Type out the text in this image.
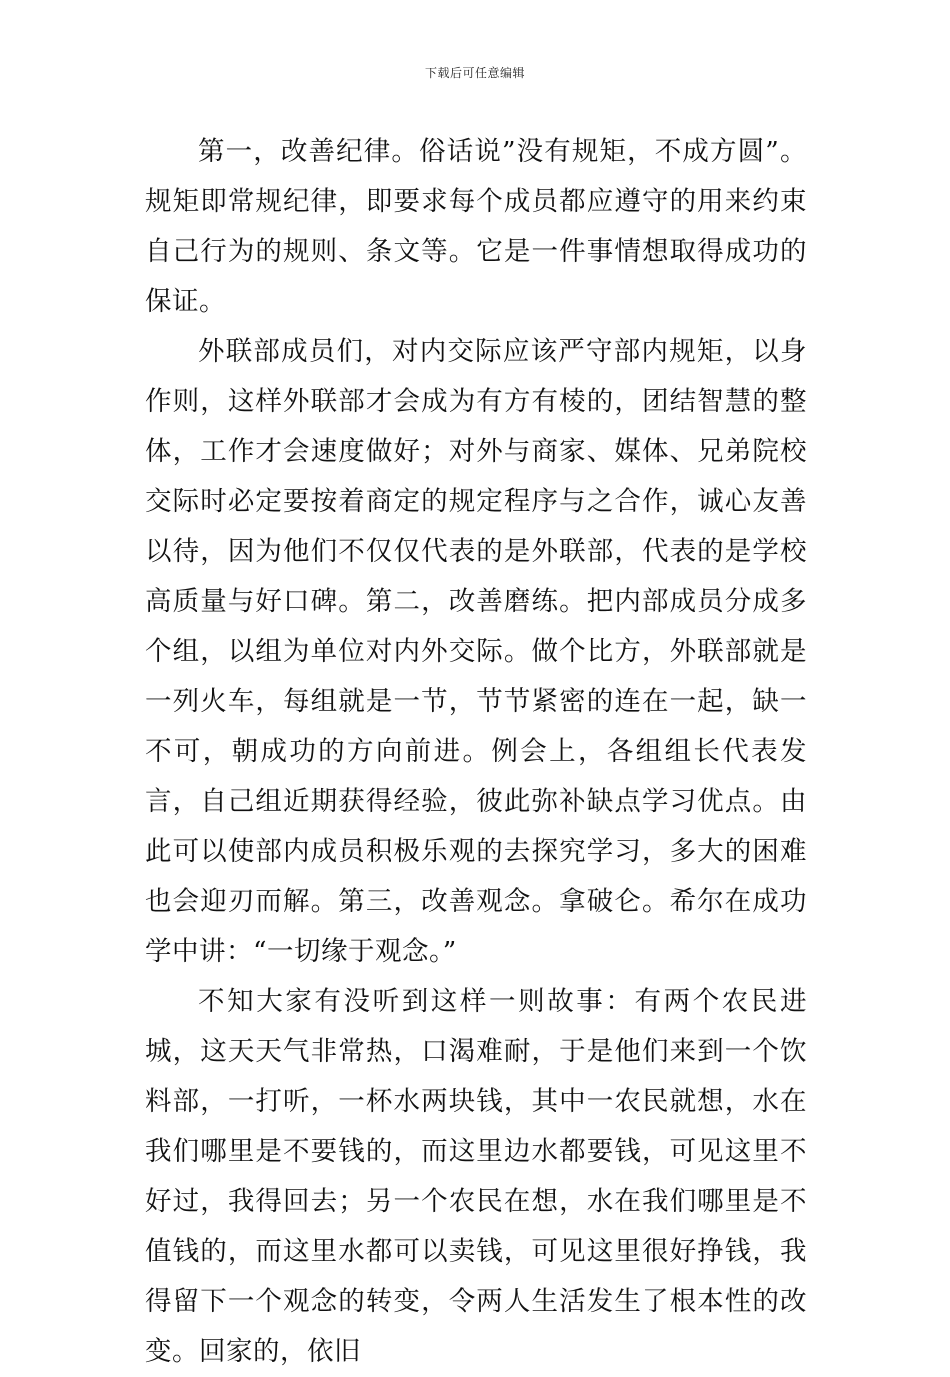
下载后可任意编辑

第一，改善纪律。俗话说”没有规矩，不成方圆”。规矩即常规纪律，即要求每个成员都应遵守的用来约束自己行为的规则、条文等。它是一件事情想取得成功的保证。

外联部成员们，对内交际应该严守部内规矩，以身作则，这样外联部才会成为有方有棱的，团结智慧的整体，工作才会速度做好；对外与商家、媒体、兄弟院校交际时必定要按着商定的规定程序与之合作，诚心友善以待，因为他们不仅仅代表的是外联部，代表的是学校高质量与好口碑。第二，改善磨练。把内部成员分成多个组，以组为单位对内外交际。做个比方，外联部就是一列火车，每组就是一节，节节紧密的连在一起，缺一不可，朝成功的方向前进。例会上，各组组长代表发言，自己组近期获得经验，彼此弥补缺点学习优点。由此可以使部内成员积极乐观的去探究学习，多大的困难也会迎刃而解。第三，改善观念。拿破仑。希尔在成功学中讲：“一切缘于观念。”

不知大家有没听到这样一则故事：有两个农民进城，这天天气非常热，口渴难耐，于是他们来到一个饮料部，一打听，一杯水两块钱，其中一农民就想，水在我们哪里是不要钱的，而这里边水都要钱，可见这里不好过，我得回去；另一个农民在想，水在我们哪里是不值钱的，而这里水都可以卖钱，可见这里很好挣钱，我得留下一个观念的转变，令两人生活发生了根本性的改变。回家的，依旧
